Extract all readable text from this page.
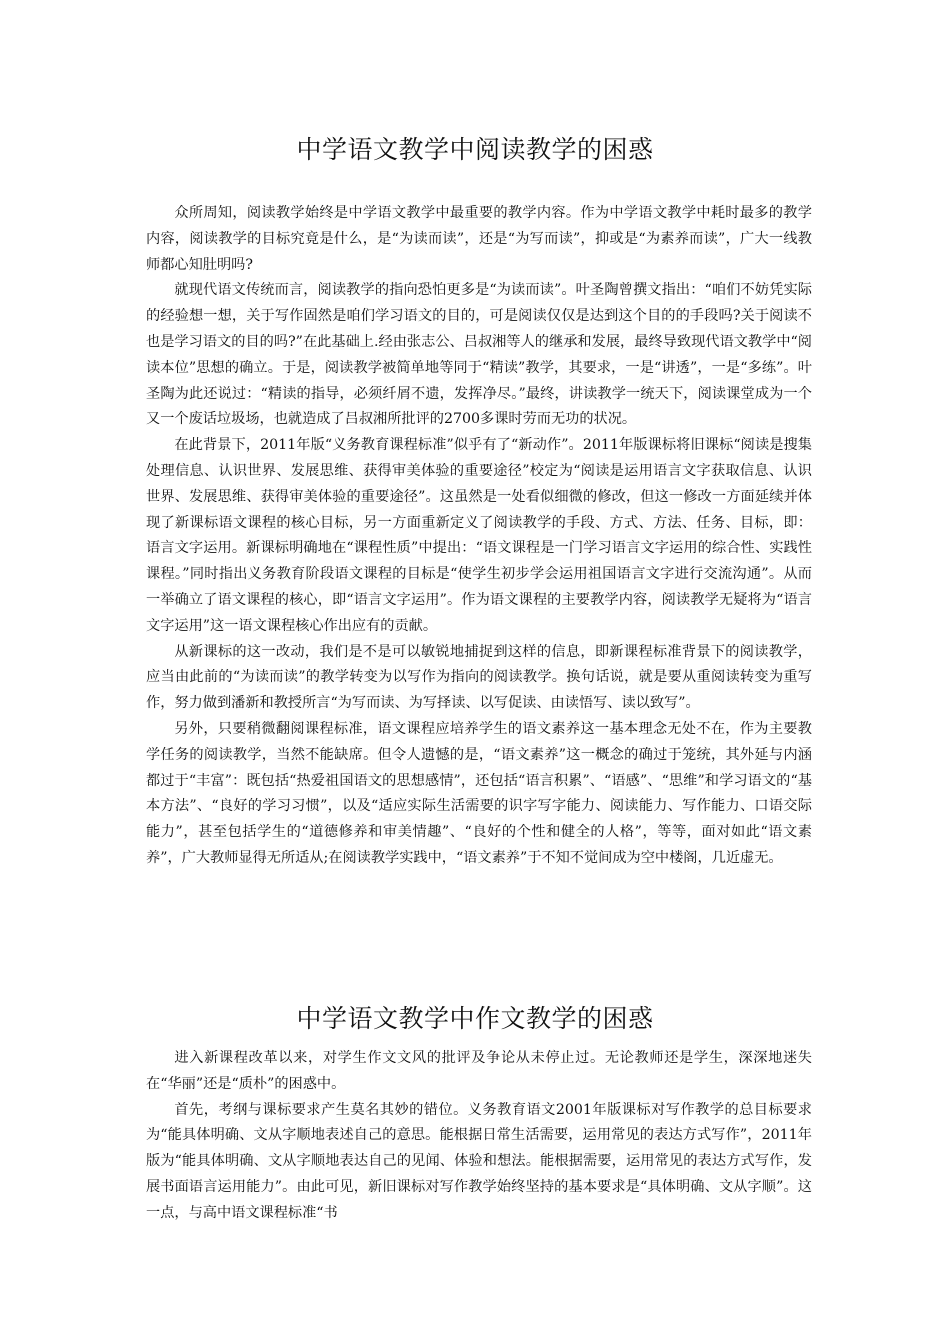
中学语文教学中阅读教学的困惑

众所周知，阅读教学始终是中学语文教学中最重要的教学内容。作为中学语文教学中耗时最多的教学内容，阅读教学的目标究竟是什么，是“为读而读”，还是“为写而读”，抑或是“为素养而读”，广大一线教师都心知肚明吗?

就现代语文传统而言，阅读教学的指向恐怕更多是“为读而读”。叶圣陶曾撰文指出：“咱们不妨凭实际的经验想一想，关于写作固然是咱们学习语文的目的，可是阅读仅仅是达到这个目的的手段吗?关于阅读不也是学习语文的目的吗?”在此基础上.经由张志公、吕叔湘等人的继承和发展，最终导致现代语文教学中“阅读本位”思想的确立。于是，阅读教学被简单地等同于“精读”教学，其要求，一是“讲透”，一是“多练”。叶圣陶为此还说过：“精读的指导，必须纤屑不遗，发挥净尽。”最终，讲读教学一统天下，阅读课堂成为一个又一个废话垃圾场，也就造成了吕叔湘所批评的2700多课时劳而无功的状况。

在此背景下，2011年版“义务教育课程标准”似乎有了“新动作”。2011年版课标将旧课标“阅读是搜集处理信息、认识世界、发展思维、获得审美体验的重要途径”校定为“阅读是运用语言文字获取信息、认识世界、发展思维、获得审美体验的重要途径”。这虽然是一处看似细微的修改，但这一修改一方面延续并体现了新课标语文课程的核心目标，另一方面重新定义了阅读教学的手段、方式、方法、任务、目标，即：语言文字运用。新课标明确地在“课程性质”中提出：“语文课程是一门学习语言文字运用的综合性、实践性课程。”同时指出义务教育阶段语文课程的目标是“使学生初步学会运用祖国语言文字进行交流沟通”。从而一举确立了语文课程的核心，即“语言文字运用”。作为语文课程的主要教学内容，阅读教学无疑将为“语言文字运用”这一语文课程核心作出应有的贡献。

从新课标的这一改动，我们是不是可以敏锐地捕捉到这样的信息，即新课程标准背景下的阅读教学，应当由此前的“为读而读”的教学转变为以写作为指向的阅读教学。换句话说，就是要从重阅读转变为重写作，努力做到潘新和教授所言“为写而读、为写择读、以写促读、由读悟写、读以致写”。

另外，只要稍微翻阅课程标准，语文课程应培养学生的语文素养这一基本理念无处不在，作为主要教学任务的阅读教学，当然不能缺席。但令人遗憾的是，“语文素养”这一概念的确过于笼统，其外延与内涵都过于“丰富”：既包括“热爱祖国语文的思想感情”，还包括“语言积累”、“语感”、“思维”和学习语文的“基本方法”、“良好的学习习惯”，以及“适应实际生活需要的识字写字能力、阅读能力、写作能力、口语交际能力”，甚至包括学生的“道德修养和审美情趣”、“良好的个性和健全的人格”，等等，面对如此“语文素养”，广大教师显得无所适从;在阅读教学实践中，“语文素养”于不知不觉间成为空中楼阁，几近虚无。

中学语文教学中作文教学的困惑

进入新课程改革以来，对学生作文文风的批评及争论从未停止过。无论教师还是学生，深深地迷失在“华丽”还是“质朴”的困惑中。

首先，考纲与课标要求产生莫名其妙的错位。义务教育语文2001年版课标对写作教学的总目标要求为“能具体明确、文从字顺地表述自己的意思。能根据日常生活需要，运用常见的表达方式写作”，2011年版为“能具体明确、文从字顺地表达自己的见闻、体验和想法。能根据需要，运用常见的表达方式写作，发展书面语言运用能力”。由此可见，新旧课标对写作教学始终坚持的基本要求是“具体明确、文从字顺”。这一点，与高中语文课程标准“书
